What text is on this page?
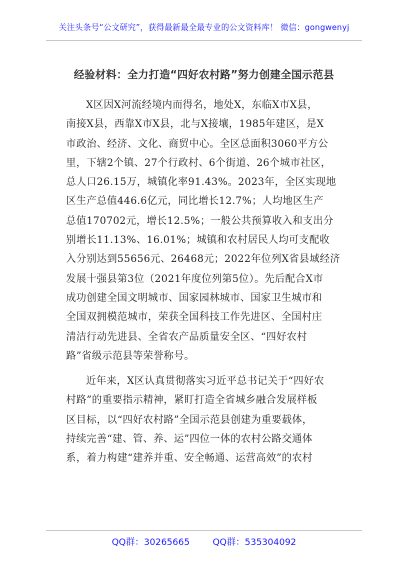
关注头条号“公文研究”，获得最新最全最专业的公文资料库！ 微信：gongwenyj
经验材料：全力打造“四好农村路”努力创建全国示范县
X区因X河流经境内而得名，地处X，东临X市X县，
南接X县，西靠X市X县，北与X接壤，1985年建区，是X
市政治、经济、文化、商贸中心。全区总面积3060平方公
里，下辖2个镇、27个行政村、6个街道、26个城市社区，
总人口26.15万，城镇化率91.43%。2023年，全区实现地
区生产总值446.6亿元，同比增长12.7%；人均地区生产
总值170702元，增长12.5%；一般公共预算收入和支出分
别增长11.13%、16.01%；城镇和农村居民人均可支配收
入分别达到55656元、26468元；2022年位列X省县域经济
发展十强县第3位（2021年度位列第5位）。先后配合X市
成功创建全国文明城市、国家园林城市、国家卫生城市和
全国双拥模范城市，荣获全国科技工作先进区、全国村庄
清洁行动先进县、全省农产品质量安全区、“四好农村
路”省级示范县等荣誉称号。
近年来，X区认真贯彻落实习近平总书记关于“四好农
村路”的重要指示精神，紧盯打造全省城乡融合发展样板
区目标，以“四好农村路”全国示范县创建为重要载体，
持续完善“建、管、养、运”四位一体的农村公路交通体
系，着力构建“建养并重、安全畅通、运营高效”的农村
QQ群：30265665	QQ群：535304092
